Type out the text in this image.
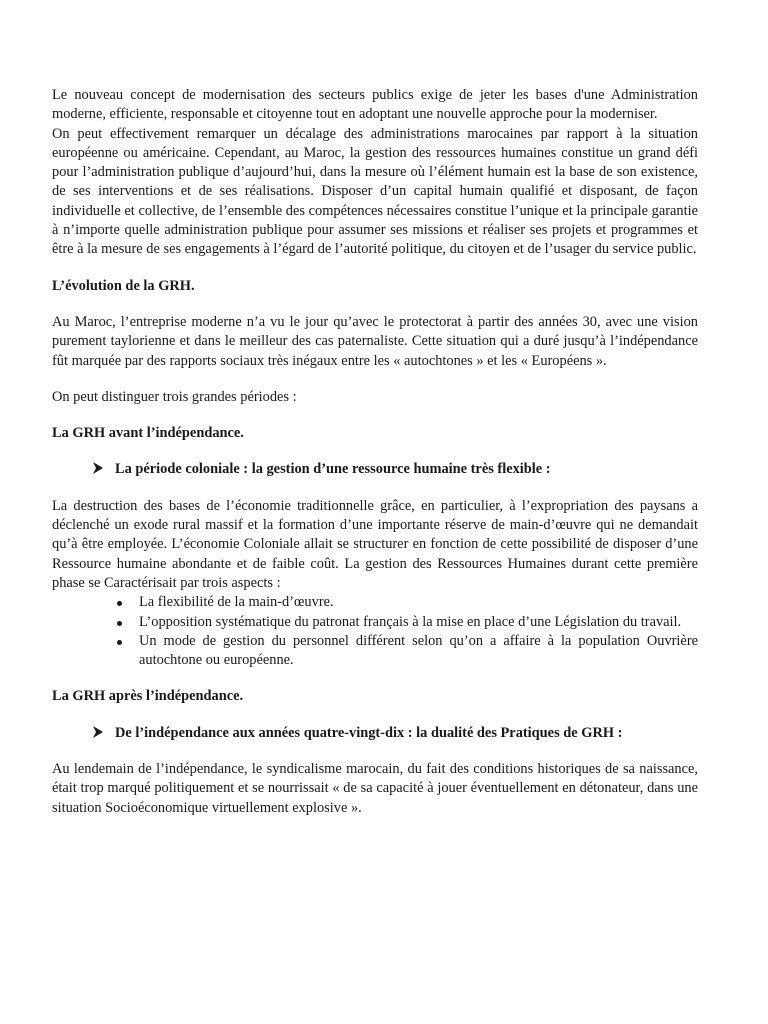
Le nouveau concept de modernisation des secteurs publics exige de jeter les bases d'une Administration moderne, efficiente, responsable et citoyenne tout en adoptant une nouvelle approche pour la moderniser.

On peut effectivement remarquer un décalage des administrations marocaines par rapport à la situation européenne ou américaine. Cependant, au Maroc, la gestion des ressources humaines constitue un grand défi pour l’administration publique d’aujourd’hui, dans la mesure où l’élément humain est la base de son existence, de ses interventions et de ses réalisations. Disposer d’un capital humain qualifié et disposant, de façon individuelle et collective, de l’ensemble des compétences nécessaires constitue l’unique et la principale garantie à n’importe quelle administration publique pour assumer ses missions et réaliser ses projets et programmes et être à la mesure de ses engagements à l’égard de l’autorité politique, du citoyen et de l’usager du service public.

L’évolution de la GRH.

Au Maroc, l’entreprise moderne n’a vu le jour qu’avec le protectorat à partir des années 30, avec une vision purement taylorienne et dans le meilleur des cas paternaliste. Cette situation qui a duré jusqu’à l’indépendance fût marquée par des rapports sociaux très inégaux entre les « autochtones » et les « Européens ».

On peut distinguer trois grandes périodes :

La GRH avant l’indépendance.
La période coloniale : la gestion d’une ressource humaine très flexible :

La destruction des bases de l’économie traditionnelle grâce, en particulier, à l’expropriation des paysans a déclenché un exode rural massif et la formation d’une importante réserve de main-d’œuvre qui ne demandait qu’à être employée. L’économie Coloniale allait se structurer en fonction de cette possibilité de disposer d’une Ressource humaine abondante et de faible coût. La gestion des Ressources Humaines durant cette première phase se Caractérisait par trois aspects :

La flexibilité de la main-d’œuvre.
L’opposition systématique du patronat français à la mise en place d’une Législation du travail.
Un mode de gestion du personnel différent selon qu’on a affaire à la population Ouvrière autochtone ou européenne.
La GRH après l’indépendance.
De l’indépendance aux années quatre-vingt-dix : la dualité des Pratiques de GRH :

Au lendemain de l’indépendance, le syndicalisme marocain, du fait des conditions historiques de sa naissance, était trop marqué politiquement et se nourrissait « de sa capacité à jouer éventuellement en détonateur, dans une situation Socioéconomique virtuellement explosive ».
